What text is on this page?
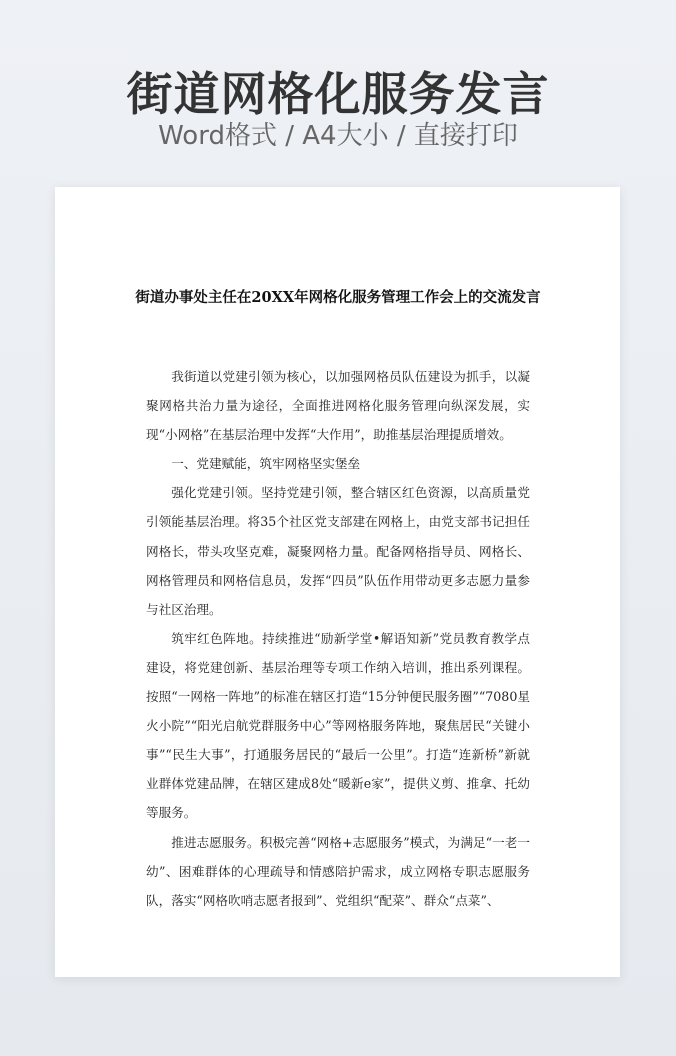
街道网格化服务发言
Word格式 / A4大小 / 直接打印
街道办事处主任在20XX年网格化服务管理工作会上的交流发言

我街道以党建引领为核心，以加强网格员队伍建设为抓手，以凝聚网格共治力量为途径，全面推进网格化服务管理向纵深发展，实现“小网格”在基层治理中发挥“大作用”，助推基层治理提质增效。

一、党建赋能，筑牢网格坚实堡垒

强化党建引领。坚持党建引领，整合辖区红色资源，以高质量党引领能基层治理。将35个社区党支部建在网格上，由党支部书记担任网格长，带头攻坚克难，凝聚网格力量。配备网格指导员、网格长、网格管理员和网格信息员，发挥“四员”队伍作用带动更多志愿力量参与社区治理。

筑牢红色阵地。持续推进“励新学堂•解语知新”党员教育教学点建设，将党建创新、基层治理等专项工作纳入培训，推出系列课程。按照“一网格一阵地”的标准在辖区打造“15分钟便民服务圈”“7080星火小院”“阳光启航党群服务中心”等网格服务阵地，聚焦居民“关键小事”“民生大事”，打通服务居民的“最后一公里”。打造“连新桥”新就业群体党建品牌，在辖区建成8处“暖新e家”，提供义剪、推拿、托幼等服务。

推进志愿服务。积极完善“网格+志愿服务”模式，为满足“一老一幼”、困难群体的心理疏导和情感陪护需求，成立网格专职志愿服务队，落实“网格吹哨志愿者报到”、党组织“配菜”、群众“点菜”、
